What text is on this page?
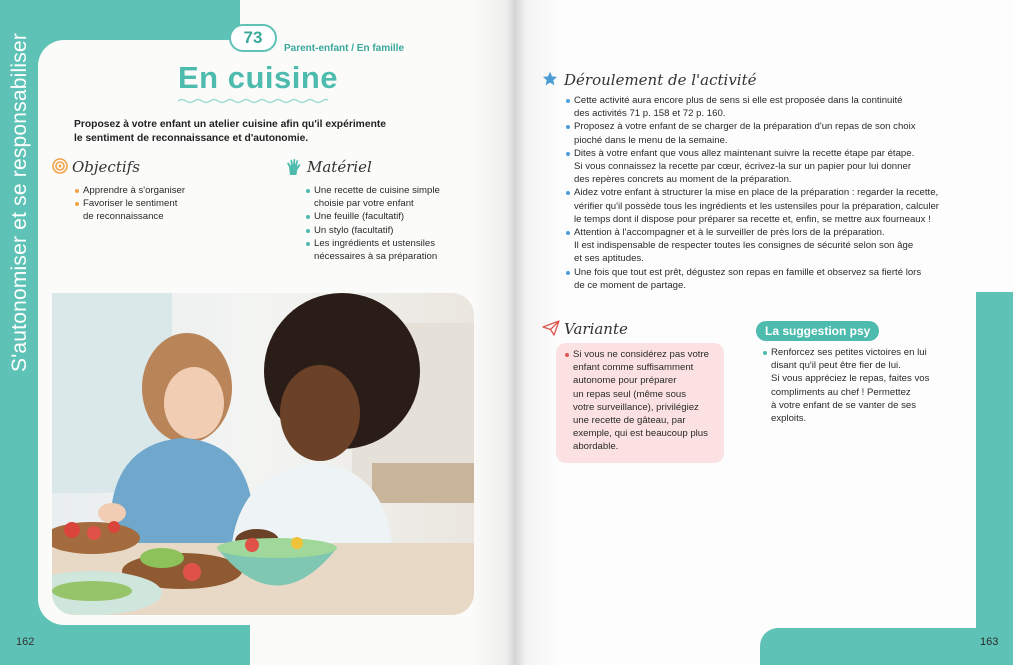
S'autonomiser et se responsabiliser	73
Parent-enfant / En famille
En cuisine
Proposez à votre enfant un atelier cuisine afin qu'il expérimente
le sentiment de reconnaissance et d'autonomie.
Objectifs
Apprendre à s'organiser
Favoriser le sentiment
de reconnaissance
Matériel
Une recette de cuisine simple
choisie par votre enfant
Une feuille (facultatif)
Un stylo (facultatif)
Les ingrédients et ustensiles
nécessaires à sa préparation
162
Déroulement de l'activité
Cette activité aura encore plus de sens si elle est proposée dans la continuité
des activités 71 p. 158 et 72 p. 160.
Proposez à votre enfant de se charger de la préparation d'un repas de son choix
pioché dans le menu de la semaine.
Dites à votre enfant que vous allez maintenant suivre la recette étape par étape.
Si vous connaissez la recette par cœur, écrivez-la sur un papier pour lui donner
des repères concrets au moment de la préparation.
Aidez votre enfant à structurer la mise en place de la préparation : regarder la recette,
vérifier qu'il possède tous les ingrédients et les ustensiles pour la préparation, calculer
le temps dont il dispose pour préparer sa recette et, enfin, se mettre aux fourneaux !
Attention à l'accompagner et à le surveiller de près lors de la préparation.
Il est indispensable de respecter toutes les consignes de sécurité selon son âge
et ses aptitudes.
Une fois que tout est prêt, dégustez son repas en famille et observez sa fierté lors
de ce moment de partage.
Variante
Si vous ne considérez pas votre
enfant comme suffisamment
autonome pour préparer
un repas seul (même sous
votre surveillance), privilégiez
une recette de gâteau, par
exemple, qui est beaucoup plus
abordable.
La suggestion psy
Renforcez ses petites victoires en lui
disant qu'il peut être fier de lui.
Si vous appréciez le repas, faites vos
compliments au chef ! Permettez
à votre enfant de se vanter de ses
exploits.
163
